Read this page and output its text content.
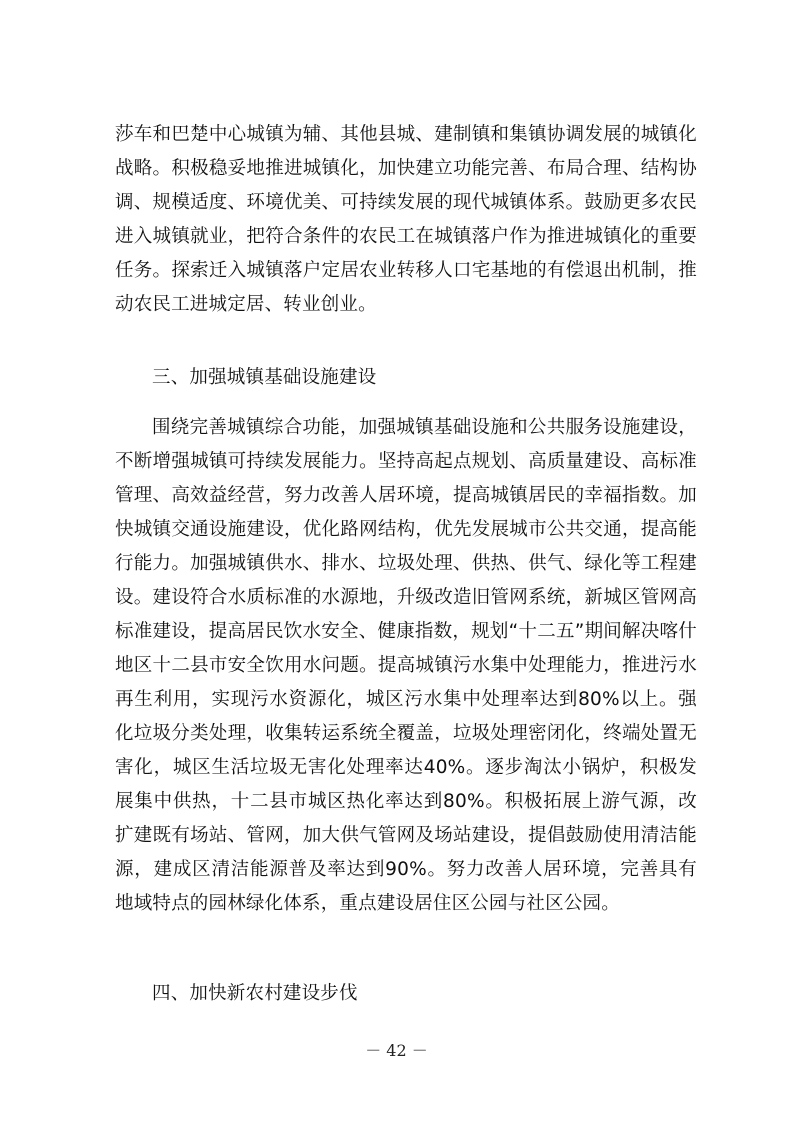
莎车和巴楚中心城镇为辅、其他县城、建制镇和集镇协调发展的城镇化战略。积极稳妥地推进城镇化，加快建立功能完善、布局合理、结构协调、规模适度、环境优美、可持续发展的现代城镇体系。鼓励更多农民进入城镇就业，把符合条件的农民工在城镇落户作为推进城镇化的重要任务。探索迁入城镇落户定居农业转移人口宅基地的有偿退出机制，推动农民工进城定居、转业创业。

三、加强城镇基础设施建设

围绕完善城镇综合功能，加强城镇基础设施和公共服务设施建设，不断增强城镇可持续发展能力。坚持高起点规划、高质量建设、高标准管理、高效益经营，努力改善人居环境，提高城镇居民的幸福指数。加快城镇交通设施建设，优化路网结构，优先发展城市公共交通，提高能行能力。加强城镇供水、排水、垃圾处理、供热、供气、绿化等工程建设。建设符合水质标准的水源地，升级改造旧管网系统，新城区管网高标准建设，提高居民饮水安全、健康指数，规划“十二五”期间解决喀什地区十二县市安全饮用水问题。提高城镇污水集中处理能力，推进污水再生利用，实现污水资源化，城区污水集中处理率达到80%以上。强化垃圾分类处理，收集转运系统全覆盖，垃圾处理密闭化，终端处置无害化，城区生活垃圾无害化处理率达40%。逐步淘汰小锅炉，积极发展集中供热，十二县市城区热化率达到80%。积极拓展上游气源，改扩建既有场站、管网，加大供气管网及场站建设，提倡鼓励使用清洁能源，建成区清洁能源普及率达到90%。努力改善人居环境，完善具有地域特点的园林绿化体系，重点建设居住区公园与社区公园。

四、加快新农村建设步伐
－ 42 －
